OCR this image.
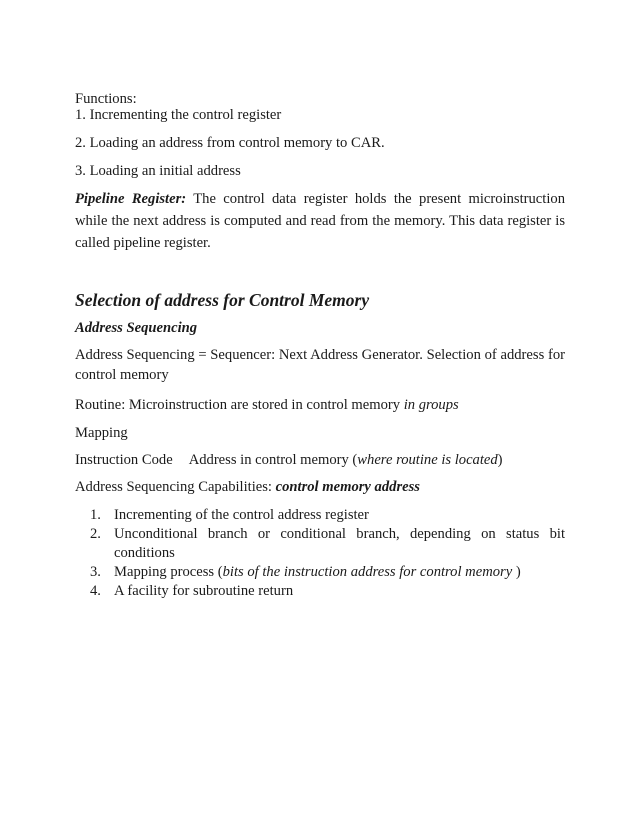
Functions:
1. Incrementing the control register
2. Loading an address from control memory to CAR.
3. Loading an initial address
Pipeline Register: The control data register holds the present microinstruction while the next address is computed and read from the memory. This data register is called pipeline register.
Selection of address for Control Memory
Address Sequencing
Address Sequencing = Sequencer: Next Address Generator. Selection of address for control memory
Routine: Microinstruction are stored in control memory in groups
Mapping
Instruction Code Address in control memory (where routine is located)
Address Sequencing Capabilities: control memory address
1. Incrementing of the control address register
2. Unconditional branch or conditional branch, depending on status bit conditions
3. Mapping process (bits of the instruction address for control memory )
4. A facility for subroutine return
